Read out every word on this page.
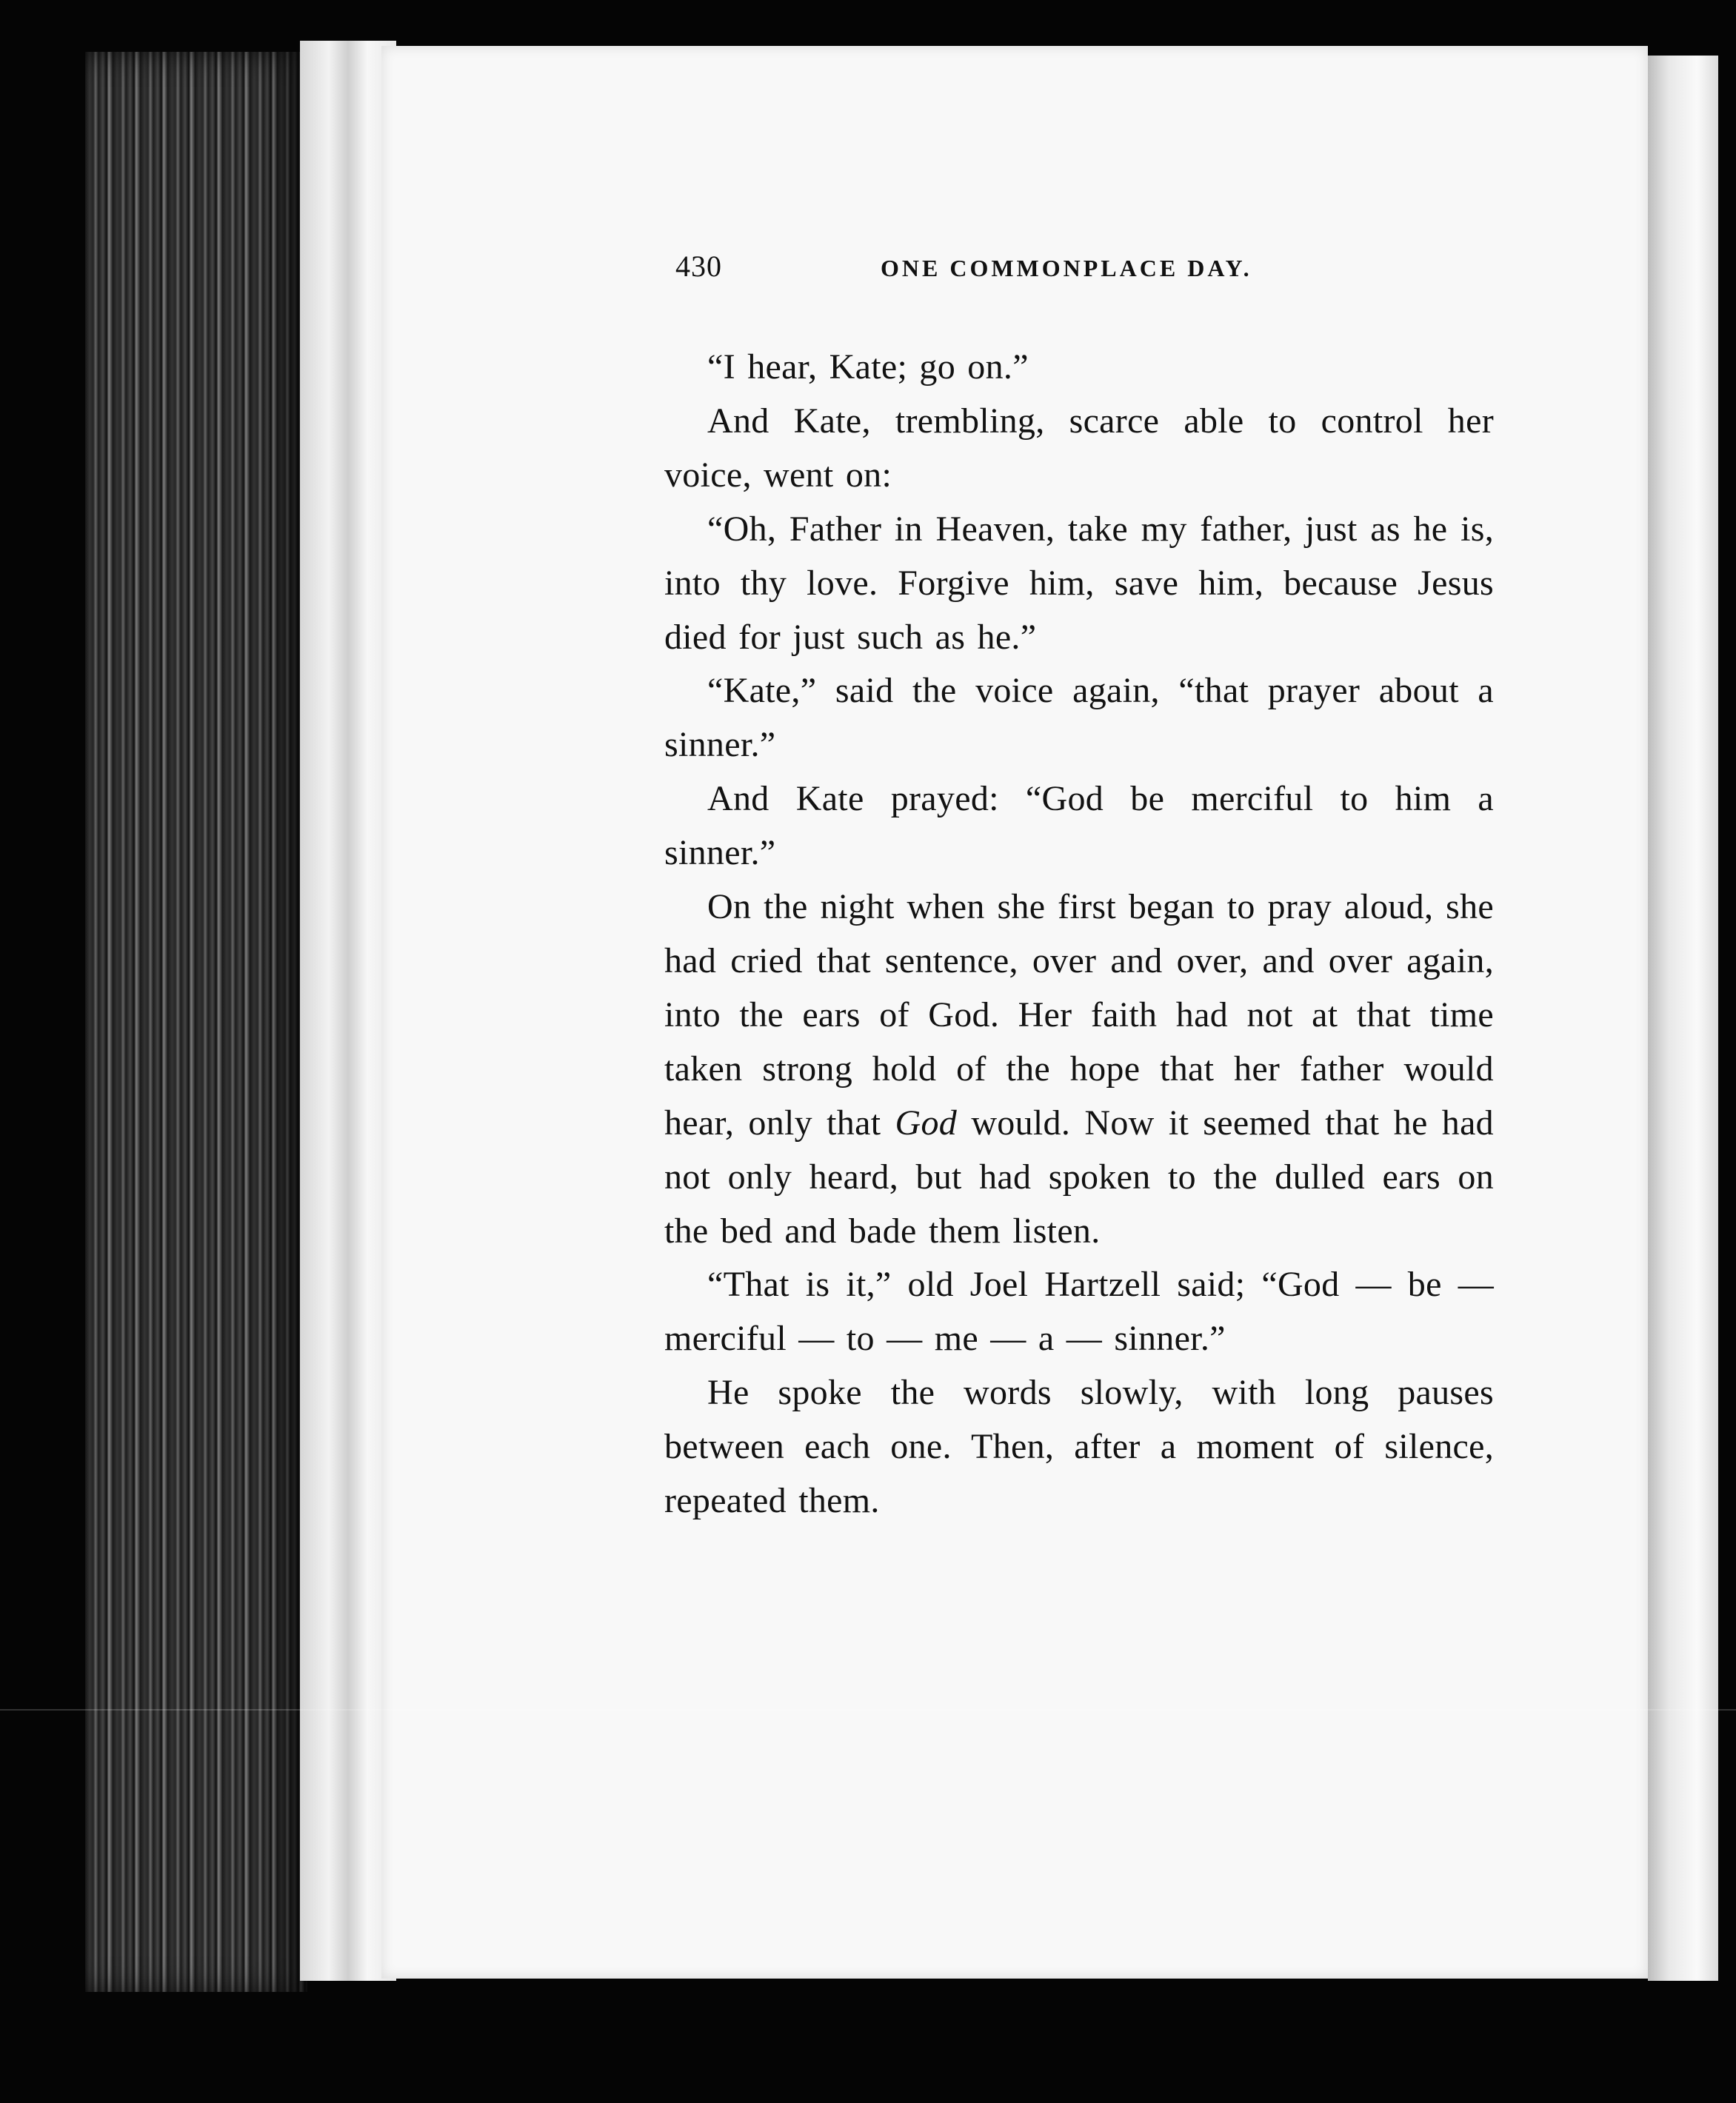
430	ONE COMMONPLACE DAY.

“I hear, Kate; go on.”

And Kate, trembling, scarce able to control her voice, went on:

“Oh, Father in Heaven, take my father, just as he is, into thy love. Forgive him, save him, because Jesus died for just such as he.”

“Kate,” said the voice again, “that prayer about a sinner.”

And Kate prayed: “God be merciful to him a sinner.”

On the night when she first began to pray aloud, she had cried that sentence, over and over, and over again, into the ears of God. Her faith had not at that time taken strong hold of the hope that her father would hear, only that God would. Now it seemed that he had not only heard, but had spoken to the dulled ears on the bed and bade them listen.

“That is it,” old Joel Hartzell said; “God — be — merciful — to — me — a — sinner.”

He spoke the words slowly, with long pauses between each one. Then, after a moment of silence, repeated them.
